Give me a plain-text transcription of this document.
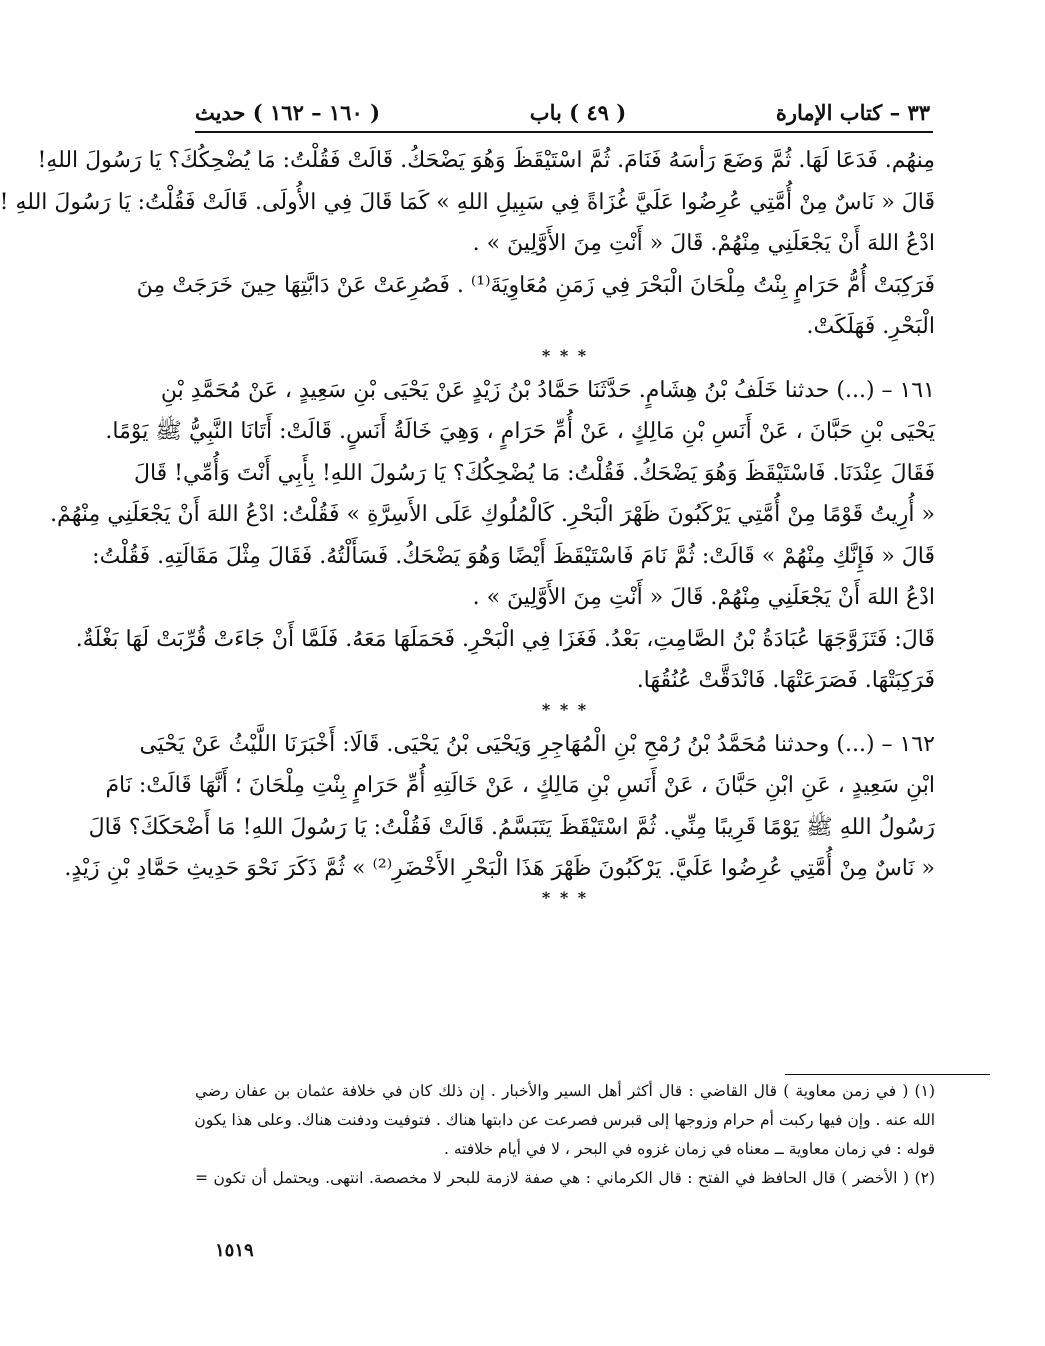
٣٣ – كتاب الإمارة
( ٤٩ ) باب
( ١٦٠ – ١٦٢ ) حديث
مِنهُم. فَدَعَا لَهَا. ثُمَّ وَضَعَ رَأسَهُ فَنَامَ. ثُمَّ اسْتَيْقَظَ وَهُوَ يَضْحَكُ. قَالَتْ فَقُلْتُ: مَا يُضْحِكُكَ؟ يَا رَسُولَ اللهِ!
قَالَ « نَاسٌ مِنْ أُمَّتِي عُرِضُوا عَلَيَّ غُزَاةً فِي سَبِيلِ اللهِ » كَمَا قَالَ فِي الأُولَى. قَالَتْ فَقُلْتُ: يَا رَسُولَ اللهِ !
ادْعُ اللهَ أَنْ يَجْعَلَنِي مِنْهُمْ. قَالَ « أَنْتِ مِنَ الأَوَّلِينَ » .
فَرَكِبَتْ أُمُّ حَرَامٍ بِنْتُ مِلْحَانَ الْبَحْرَ فِي زَمَنِ مُعَاوِيَةَ⁽¹⁾ . فَصُرِعَتْ عَنْ دَابَّتِهَا حِينَ خَرَجَتْ مِنَ
الْبَحْرِ. فَهَلَكَتْ.
* * *
١٦١ – (...) حدثنا خَلَفُ بْنُ هِشَامٍ. حَدَّثَنَا حَمَّادُ بْنُ زَيْدٍ عَنْ يَحْيَى بْنِ سَعِيدٍ ، عَنْ مُحَمَّدِ بْنِ
يَحْيَى بْنِ حَبَّانَ ، عَنْ أَنَسِ بْنِ مَالِكٍ ، عَنْ أُمِّ حَرَامٍ ، وَهِيَ خَالَةُ أَنَسٍ. قَالَتْ: أَتَانَا النَّبِيُّ ﷺ يَوْمًا.
فَقَالَ عِنْدَنَا. فَاسْتَيْقَظَ وَهُوَ يَضْحَكُ. فَقُلْتُ: مَا يُضْحِكُكَ؟ يَا رَسُولَ اللهِ! بِأَبِي أَنْتَ وَأُمِّي! قَالَ
« أُرِيتُ قَوْمًا مِنْ أُمَّتِي يَرْكَبُونَ ظَهْرَ الْبَحْرِ. كَالْمُلُوكِ عَلَى الأَسِرَّةِ » فَقُلْتُ: ادْعُ اللهَ أَنْ يَجْعَلَنِي مِنْهُمْ.
قَالَ « فَإِنَّكِ مِنْهُمْ » قَالَتْ: ثُمَّ نَامَ فَاسْتَيْقَظَ أَيْضًا وَهُوَ يَضْحَكُ. فَسَأَلْتُهُ. فَقَالَ مِثْلَ مَقَالَتِهِ. فَقُلْتُ:
ادْعُ اللهَ أَنْ يَجْعَلَنِي مِنْهُمْ. قَالَ « أَنْتِ مِنَ الأَوَّلِينَ » .
قَالَ: فَتَزَوَّجَهَا عُبَادَةُ بْنُ الصَّامِتِ، بَعْدُ. فَغَزَا فِي الْبَحْرِ. فَحَمَلَهَا مَعَهُ. فَلَمَّا أَنْ جَاءَتْ قُرِّبَتْ لَهَا بَغْلَةٌ.
فَرَكِبَتْهَا. فَصَرَعَتْهَا. فَانْدَقَّتْ عُنُقُهَا.
* * *
١٦٢ – (...) وحدثنا مُحَمَّدُ بْنُ رُمْحِ بْنِ الْمُهَاجِرِ وَيَحْيَى بْنُ يَحْيَى. قَالَا: أَخْبَرَنَا اللَّيْثُ عَنْ يَحْيَى
ابْنِ سَعِيدٍ ، عَنِ ابْنِ حَبَّانَ ، عَنْ أَنَسِ بْنِ مَالِكٍ ، عَنْ خَالَتِهِ أُمِّ حَرَامٍ بِنْتِ مِلْحَانَ ؛ أَنَّهَا قَالَتْ: نَامَ
رَسُولُ اللهِ ﷺ يَوْمًا قَرِيبًا مِنِّي. ثُمَّ اسْتَيْقَظَ يَتَبَسَّمُ. قَالَتْ فَقُلْتُ: يَا رَسُولَ اللهِ! مَا أَضْحَكَكَ؟ قَالَ
« نَاسٌ مِنْ أُمَّتِي عُرِضُوا عَلَيَّ. يَرْكَبُونَ ظَهْرَ هَذَا الْبَحْرِ الأَخْضَرِ⁽²⁾ » ثُمَّ ذَكَرَ نَحْوَ حَدِيثِ حَمَّادِ بْنِ زَيْدٍ.
* * *
(١) ( في زمن معاوية ) قال القاضي : قال أكثر أهل السير والأخبار . إن ذلك كان في خلافة عثمان بن عفان رضي
الله عنه . وإن فيها ركبت أم حرام وزوجها إلى قبرس فصرعت عن دابتها هناك . فتوفيت ودفنت هناك. وعلى هذا يكون
قوله : في زمان معاوية ــ معناه في زمان غزوه في البحر ، لا في أيام خلافته .
(٢) ( الأخضر ) قال الحافظ في الفتح : قال الكرماني : هي صفة لازمة للبحر لا مخصصة. انتهى. ويحتمل أن تكون =
١٥١٩
